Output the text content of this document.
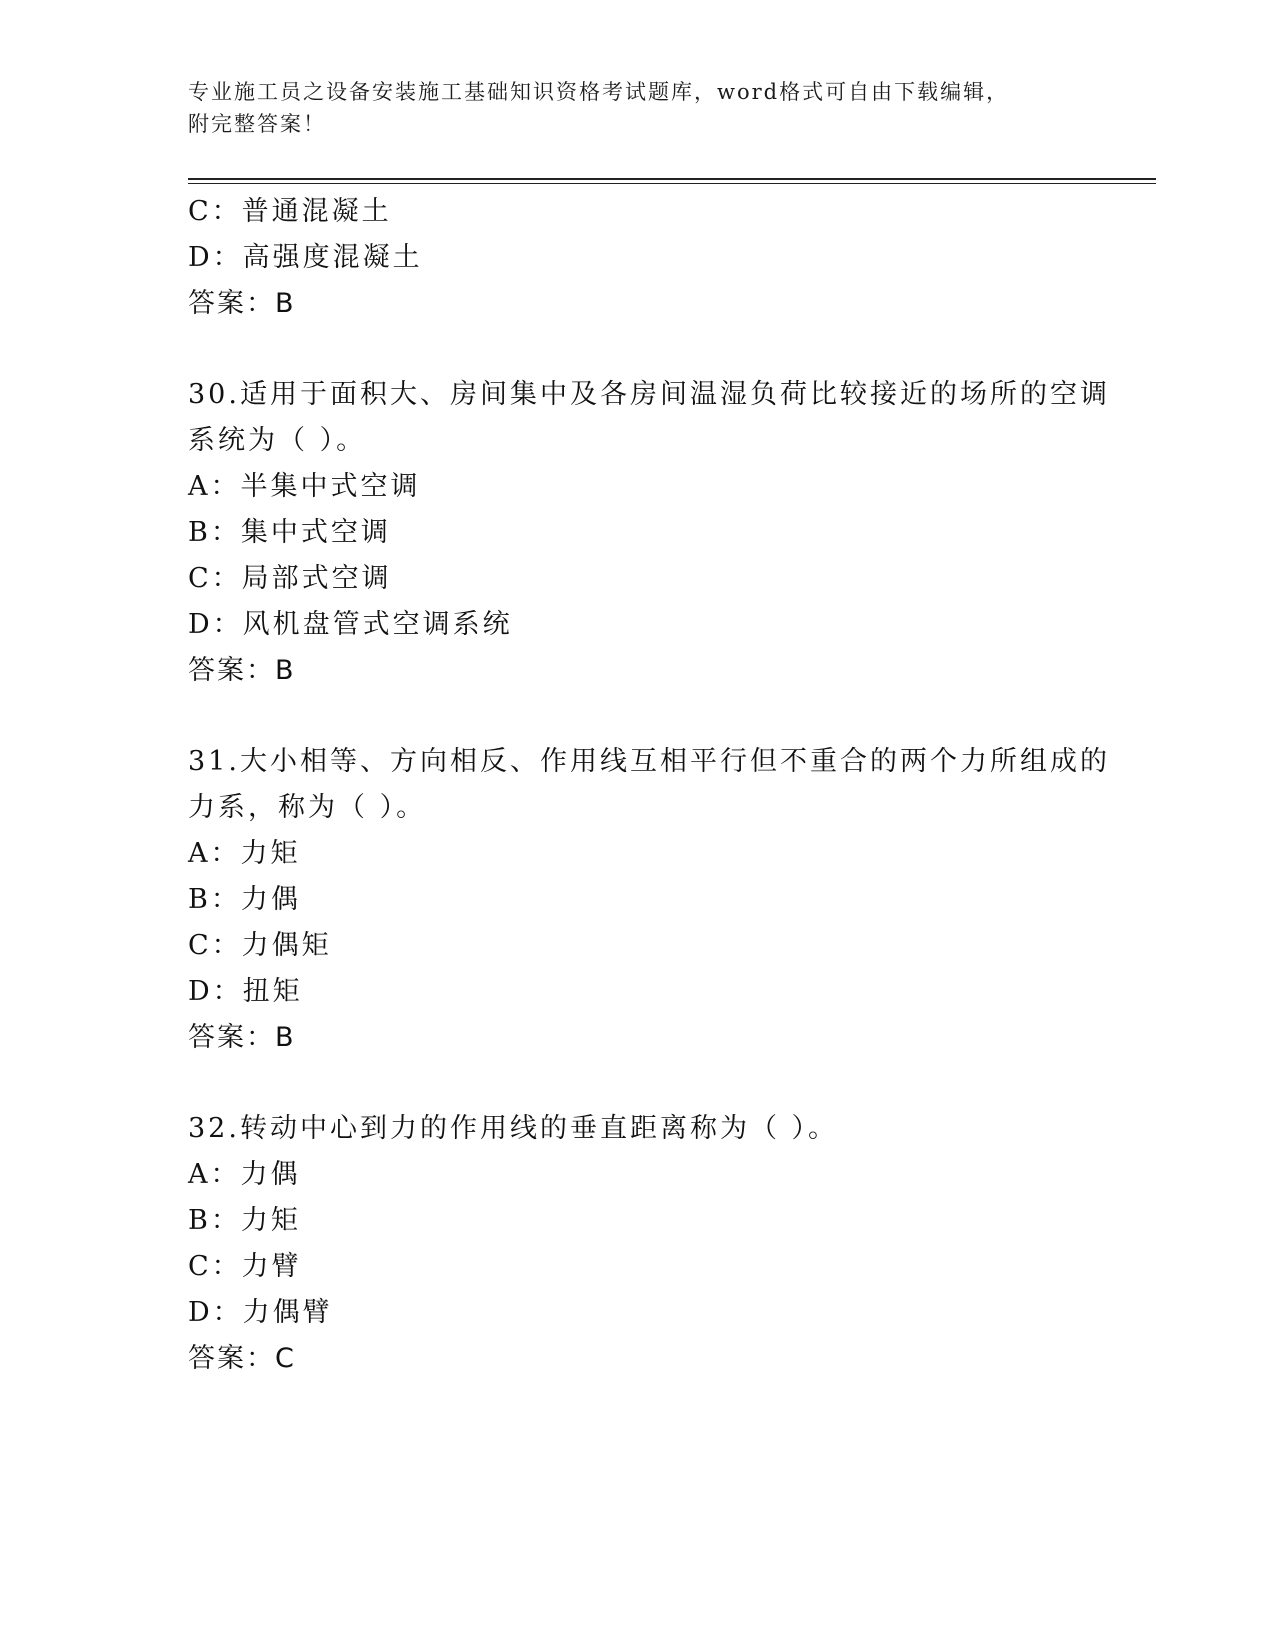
专业施工员之设备安装施工基础知识资格考试题库，word格式可自由下载编辑，
附完整答案！
C：普通混凝土
D：高强度混凝土
答案：B
30.适用于面积大、房间集中及各房间温湿负荷比较接近的场所的空调
系统为（ ）。
A：半集中式空调
B：集中式空调
C：局部式空调
D：风机盘管式空调系统
答案：B
31.大小相等、方向相反、作用线互相平行但不重合的两个力所组成的
力系，称为（ ）。
A：力矩
B：力偶
C：力偶矩
D：扭矩
答案：B
32.转动中心到力的作用线的垂直距离称为（ ）。
A：力偶
B：力矩
C：力臂
D：力偶臂
答案：C
